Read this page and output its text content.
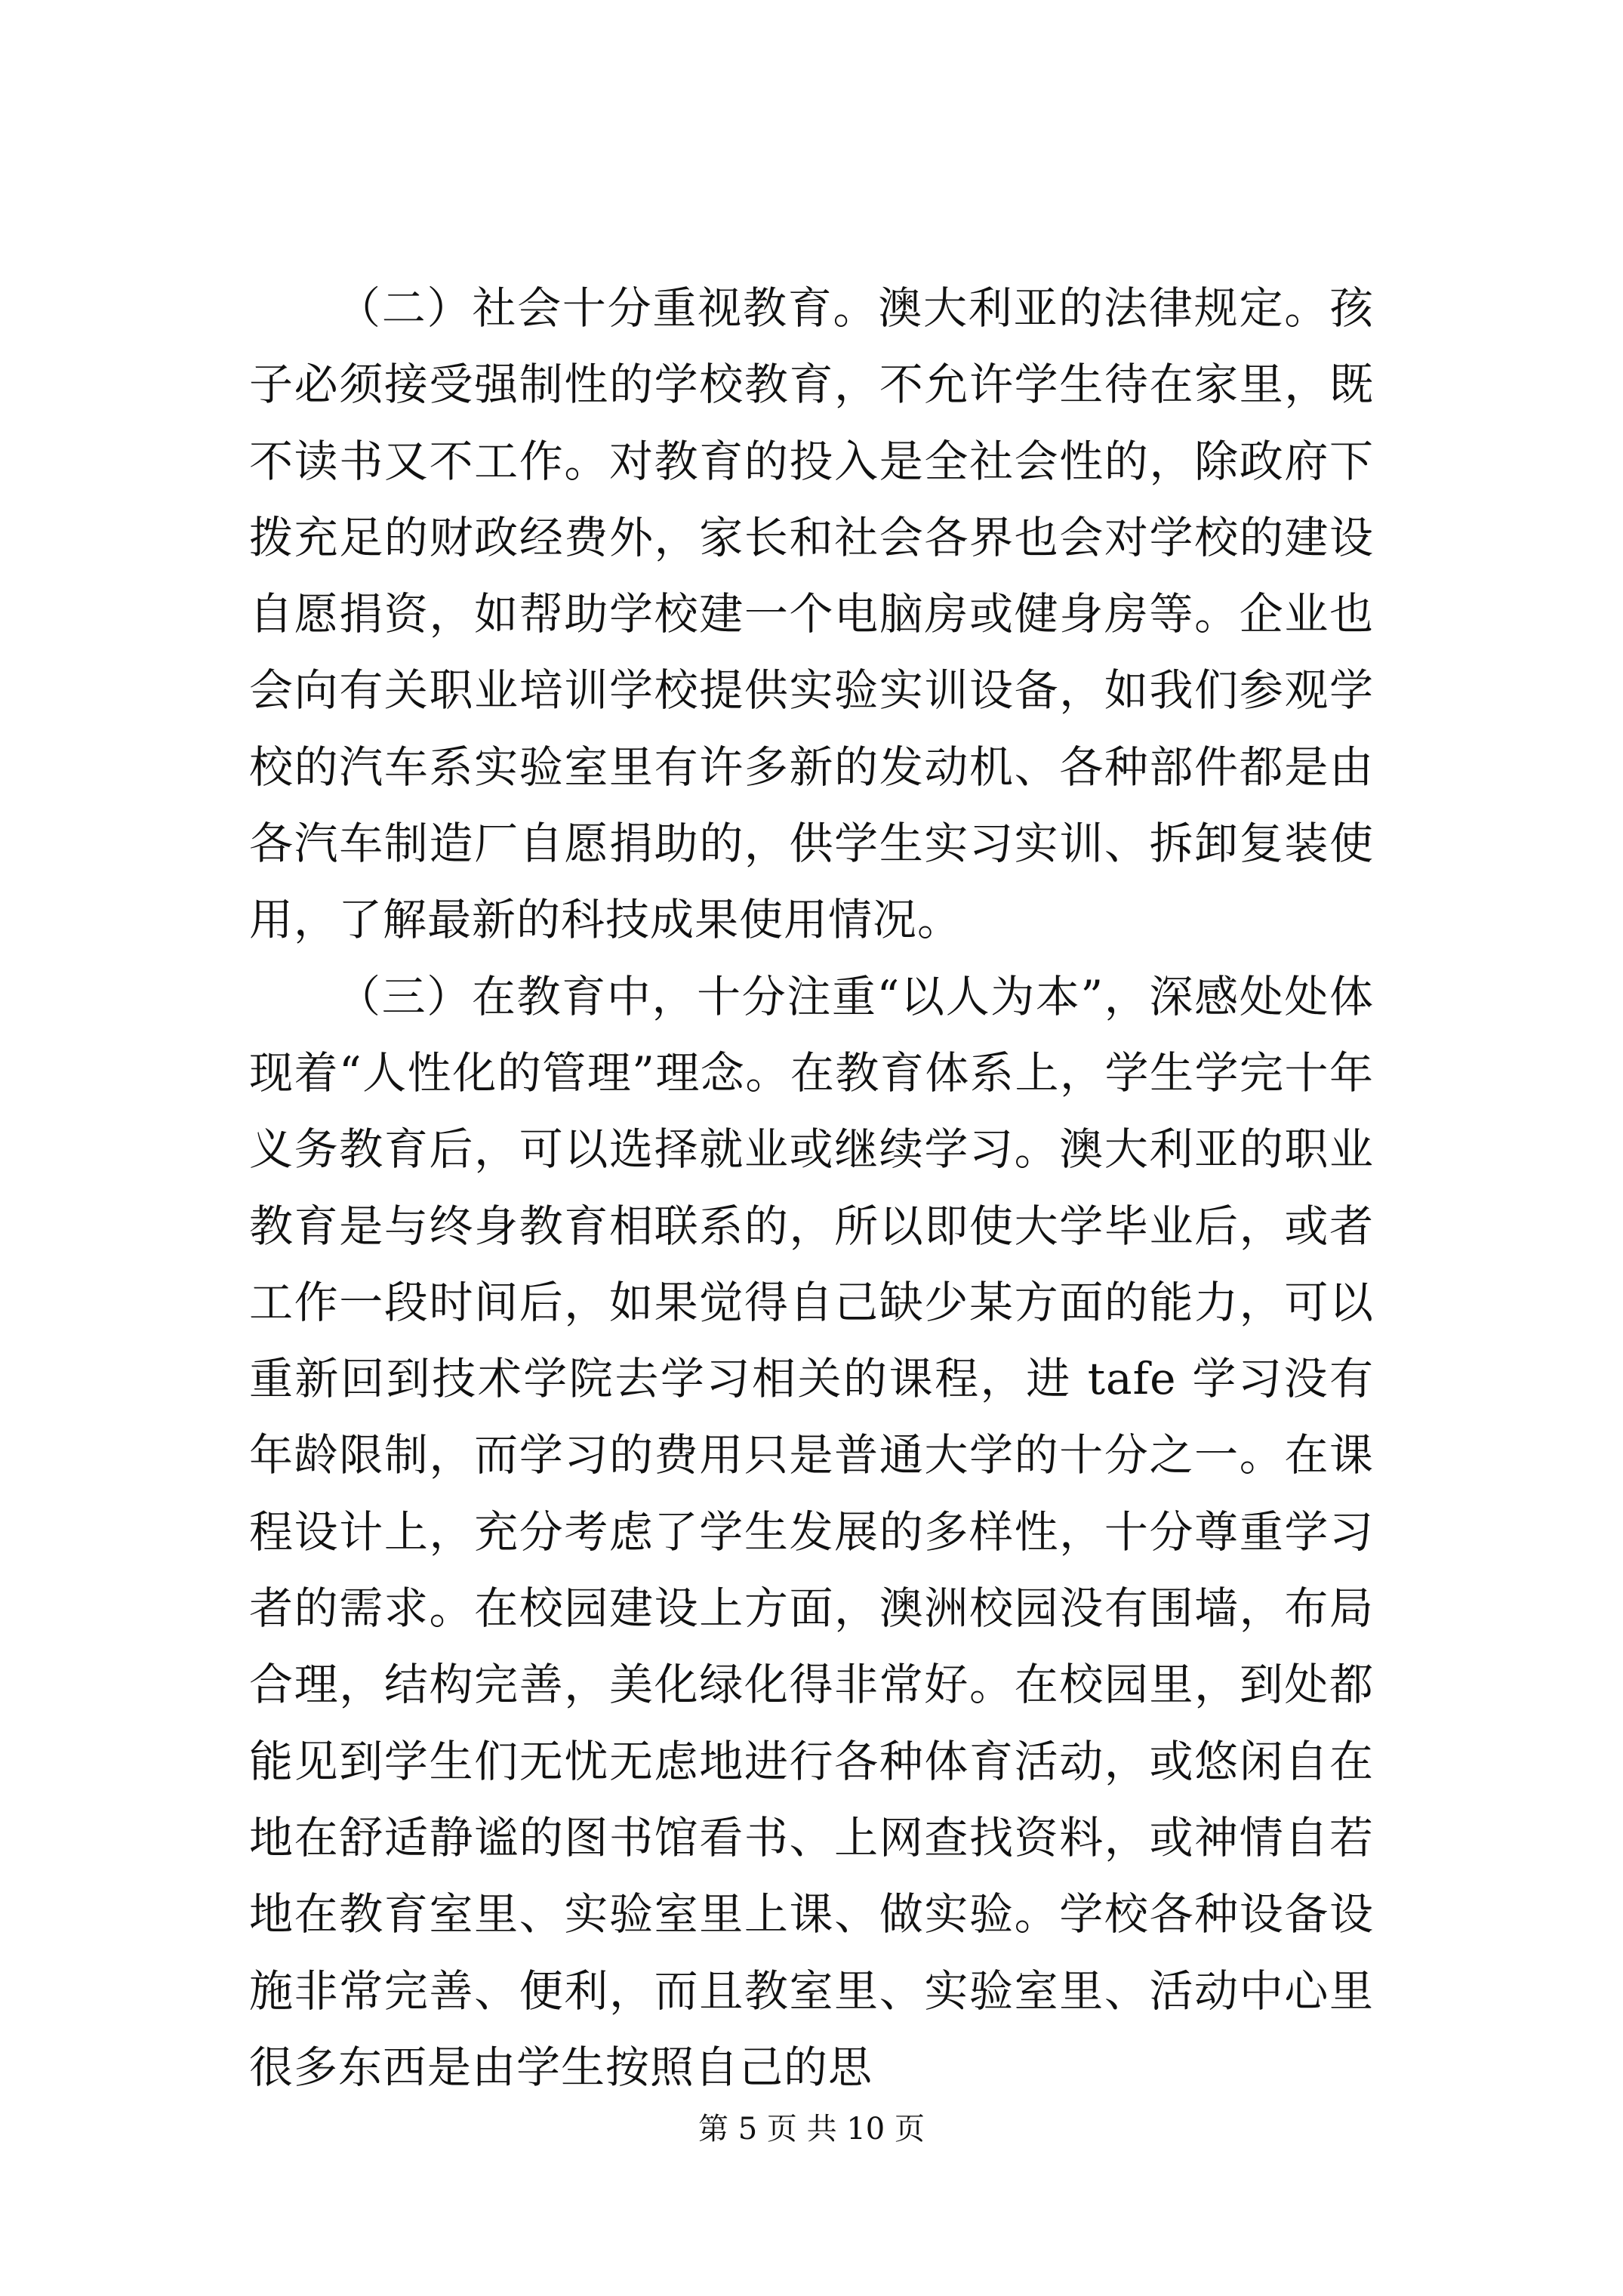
（二）社会十分重视教育。澳大利亚的法律规定。孩子必须接受强制性的学校教育，不允许学生待在家里，既不读书又不工作。对教育的投入是全社会性的，除政府下拨充足的财政经费外，家长和社会各界也会对学校的建设自愿捐资，如帮助学校建一个电脑房或健身房等。企业也会向有关职业培训学校提供实验实训设备，如我们参观学校的汽车系实验室里有许多新的发动机、各种部件都是由各汽车制造厂自愿捐助的，供学生实习实训、拆卸复装使用，了解最新的科技成果使用情况。

（三）在教育中，十分注重“以人为本”，深感处处体现着“人性化的管理”理念。在教育体系上，学生学完十年义务教育后，可以选择就业或继续学习。澳大利亚的职业教育是与终身教育相联系的，所以即使大学毕业后，或者工作一段时间后，如果觉得自己缺少某方面的能力，可以重新回到技术学院去学习相关的课程，进 tafe 学习没有年龄限制，而学习的费用只是普通大学的十分之一。在课程设计上，充分考虑了学生发展的多样性，十分尊重学习者的需求。在校园建设上方面，澳洲校园没有围墙，布局合理，结构完善，美化绿化得非常好。在校园里，到处都能见到学生们无忧无虑地进行各种体育活动，或悠闲自在地在舒适静谧的图书馆看书、上网查找资料，或神情自若地在教育室里、实验室里上课、做实验。学校各种设备设施非常完善、便利，而且教室里、实验室里、活动中心里很多东西是由学生按照自己的思

第 5 页 共 10 页
